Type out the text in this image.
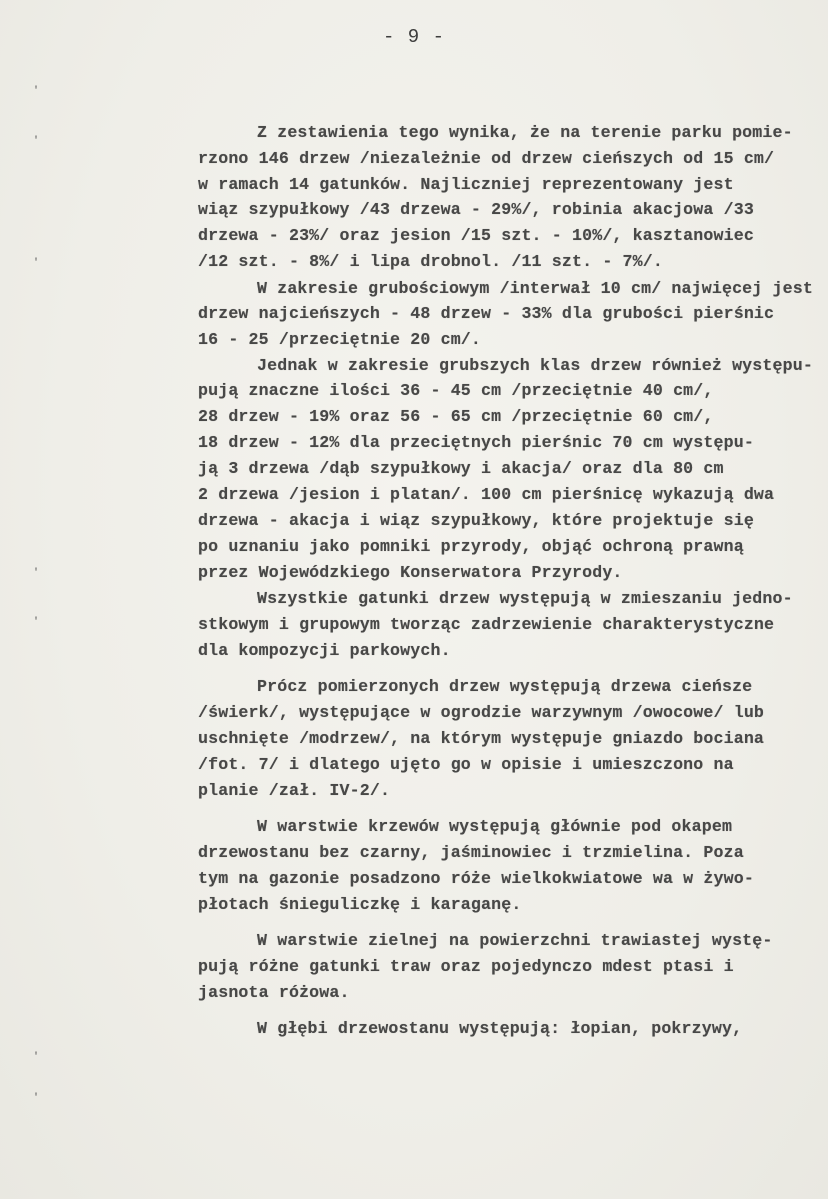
- 9 -
Z zestawienia tego wynika, że na terenie parku pomie-
rzono 146 drzew /niezależnie od drzew cieńszych od 15 cm/
w ramach 14 gatunków. Najliczniej reprezentowany jest
wiąz szypułkowy /43 drzewa - 29%/, robinia akacjowa /33
drzewa - 23%/ oraz jesion /15 szt. - 10%/, kasztanowiec
/12 szt. - 8%/ i lipa drobnol. /11 szt. - 7%/.
W zakresie grubościowym /interwał 10 cm/ najwięcej jest
drzew najcieńszych - 48 drzew - 33% dla grubości pierśnic
16 - 25 /przeciętnie 20 cm/.
Jednak w zakresie grubszych klas drzew również występu-
pują znaczne ilości 36 - 45 cm /przeciętnie 40 cm/,
28 drzew - 19% oraz 56 - 65 cm /przeciętnie 60 cm/,
18 drzew - 12% dla przeciętnych pierśnic 70 cm występu-
ją 3 drzewa /dąb szypułkowy i akacja/ oraz dla 80 cm
2 drzewa /jesion i platan/. 100 cm pierśnicę wykazują dwa
drzewa - akacja i wiąz szypułkowy, które projektuje się
po uznaniu jako pomniki przyrody, objąć ochroną prawną
przez Wojewódzkiego Konserwatora Przyrody.
Wszystkie gatunki drzew występują w zmieszaniu jedno-
stkowym i grupowym tworząc zadrzewienie charakterystyczne
dla kompozycji parkowych.
Prócz pomierzonych drzew występują drzewa cieńsze
/świerk/, występujące w ogrodzie warzywnym /owocowe/ lub
uschnięte /modrzew/, na którym występuje gniazdo bociana
/fot. 7/ i dlatego ujęto go w opisie i umieszczono na
planie /zał. IV-2/.
W warstwie krzewów występują głównie pod okapem
drzewostanu bez czarny, jaśminowiec i trzmielina. Poza
tym na gazonie posadzono róże wielkokwiatowe wa w żywo-
płotach śnieguliczkę i karaganę.
W warstwie zielnej na powierzchni trawiastej wystę-
pują różne gatunki traw oraz pojedynczo mdest ptasi i
jasnota różowa.
W głębi drzewostanu występują: łopian, pokrzywy,
'
'
'
'
'
'
'
